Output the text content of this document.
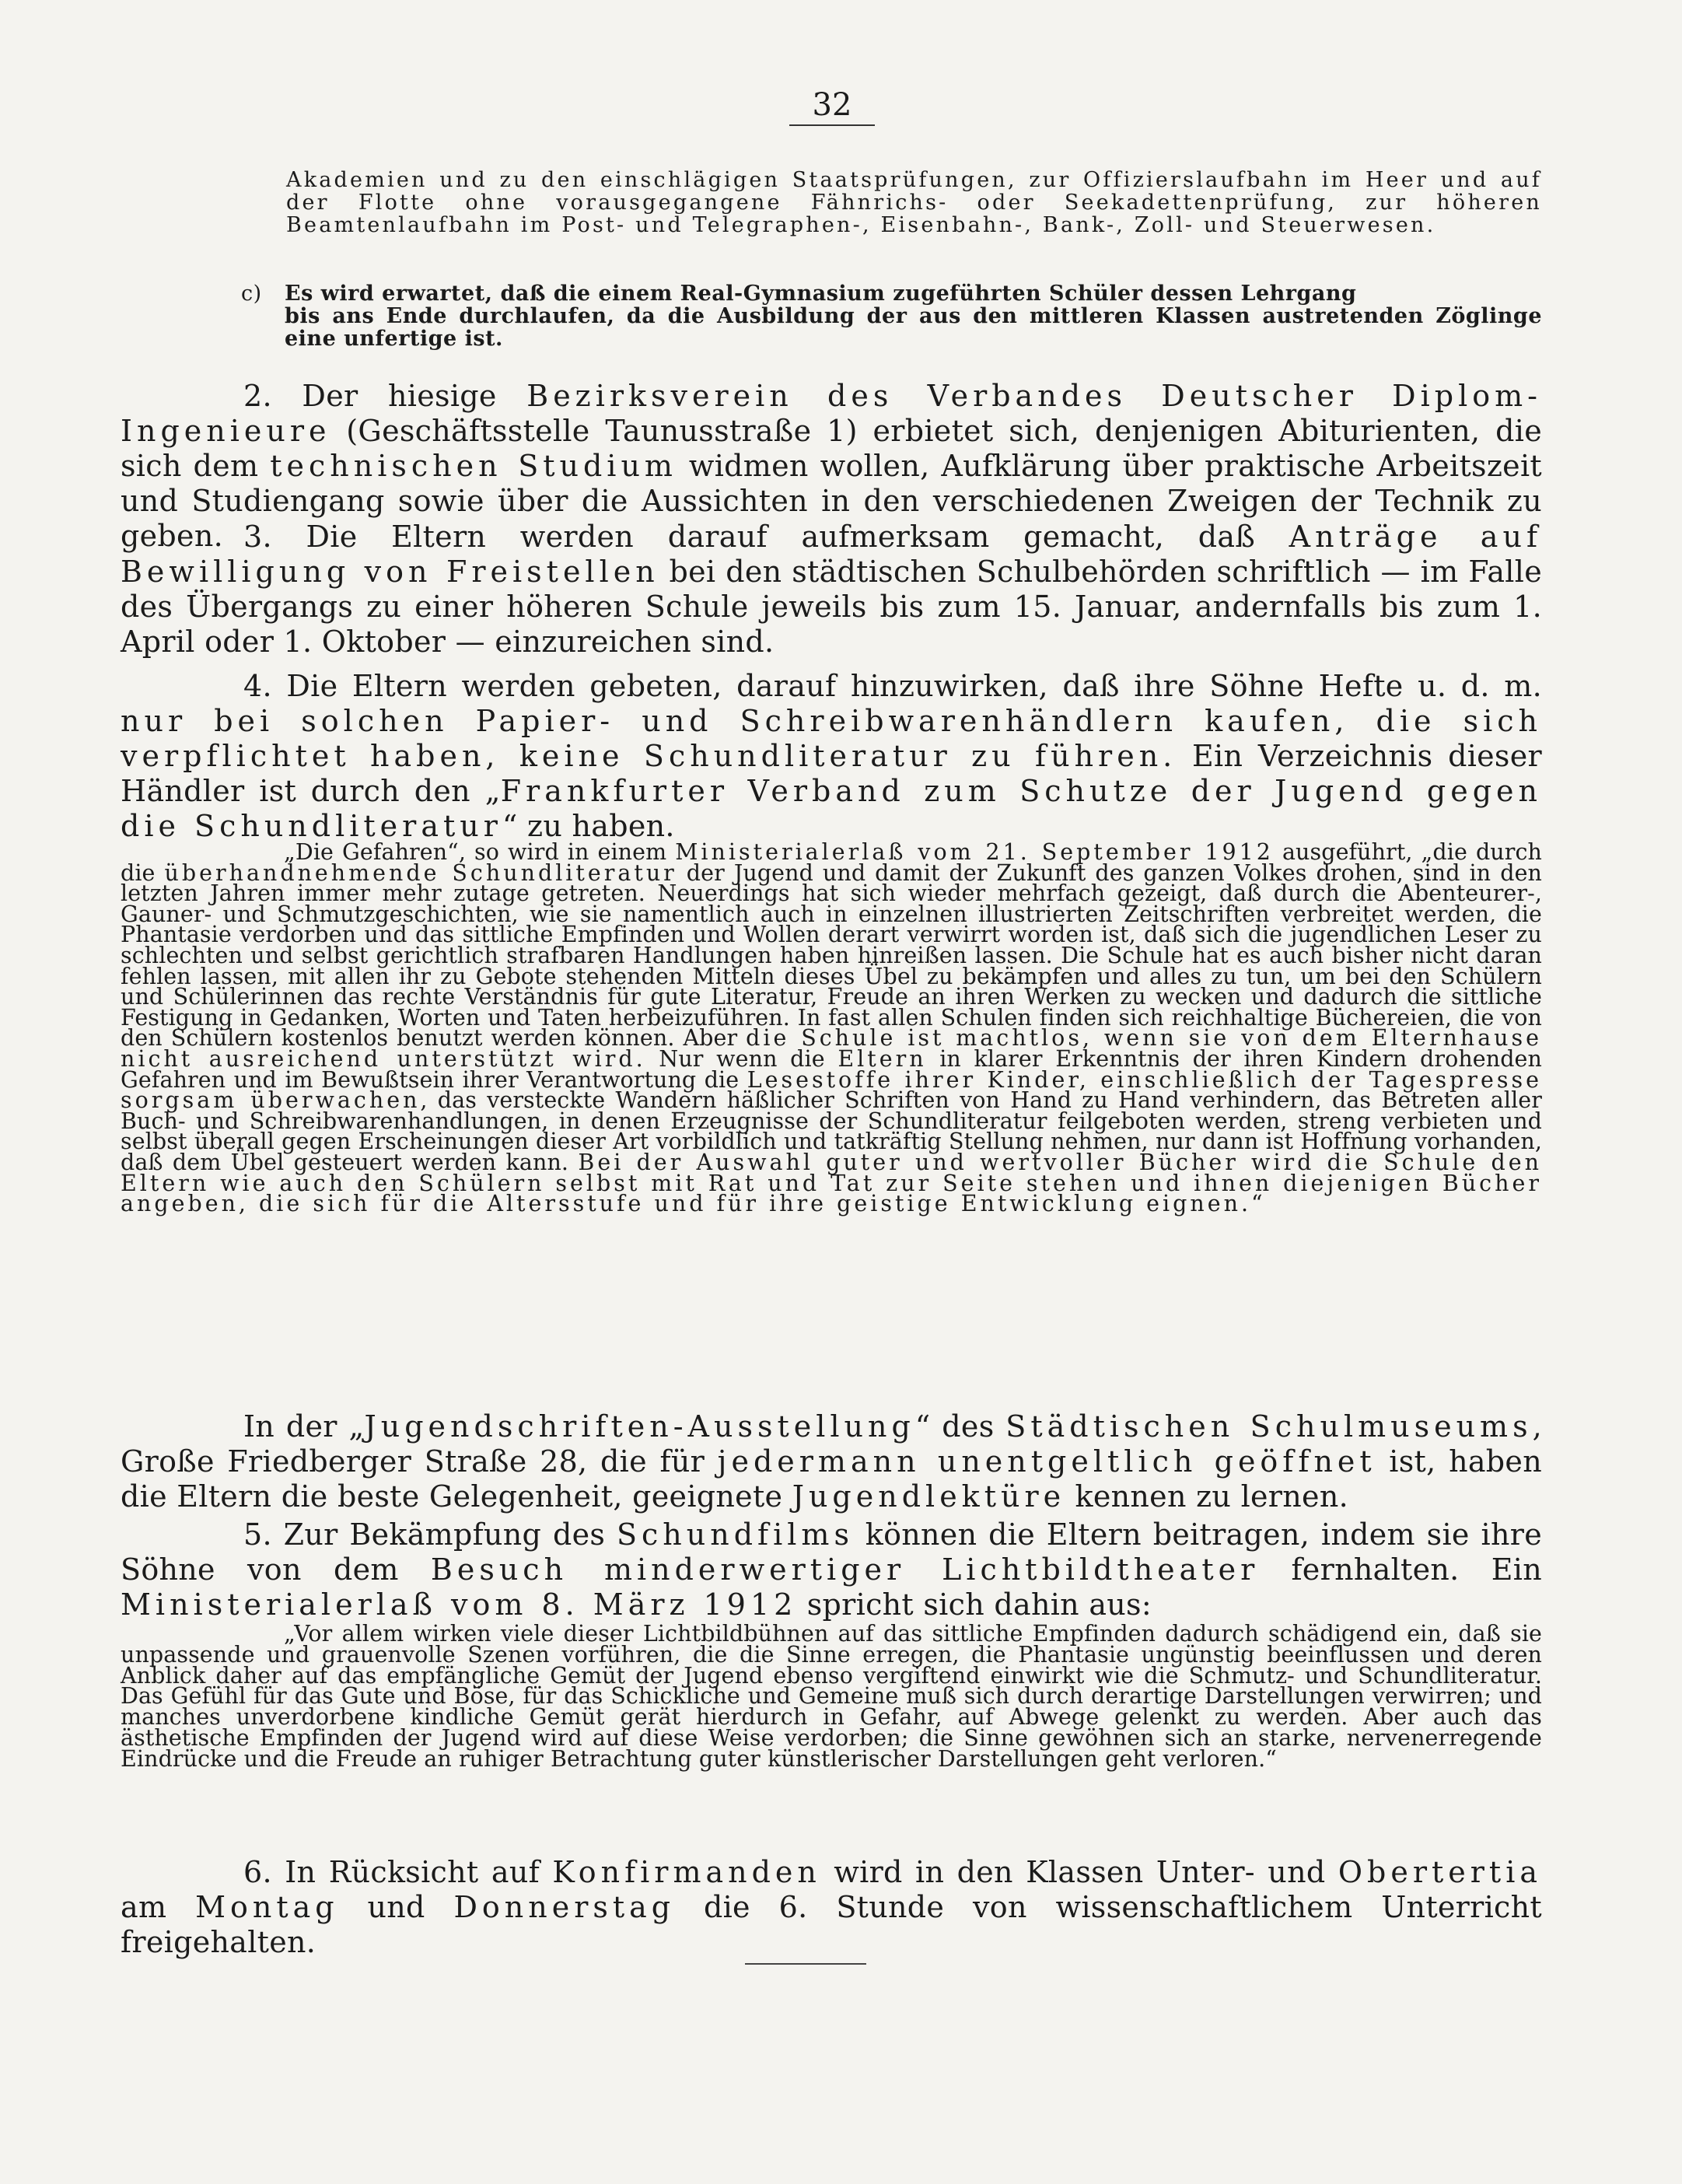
32

Akademien und zu den einschlägigen Staatsprüfungen, zur Offizierslaufbahn im Heer und auf der Flotte ohne vorausgegangene Fähnrichs- oder Seekadettenprüfung, zur höheren Beamtenlaufbahn im Post- und Telegraphen-, Eisenbahn-, Bank-, Zoll- und Steuerwesen.

c) Es wird erwartet, daß die einem Real-Gymnasium zugeführten Schüler dessen Lehrgang
bis ans Ende durchlaufen, da die Ausbildung der aus den mittleren Klassen austretenden Zöglinge eine unfertige ist.

2. Der hiesige Bezirksverein des Verbandes Deutscher Diplom-Ingenieure (Geschäftsstelle Taunusstraße 1) erbietet sich, denjenigen Abiturienten, die sich dem technischen Studium widmen wollen, Aufklärung über praktische Arbeitszeit und Studiengang sowie über die Aussichten in den verschiedenen Zweigen der Technik zu geben. 3. Die Eltern werden darauf aufmerksam gemacht, daß Anträge auf Bewilligung von Freistellen bei den städtischen Schulbehörden schriftlich — im Falle des Übergangs zu einer höheren Schule jeweils bis zum 15. Januar, andernfalls bis zum 1. April oder 1. Oktober — einzureichen sind.

4. Die Eltern werden gebeten, darauf hinzuwirken, daß ihre Söhne Hefte u. d. m. nur bei solchen Papier- und Schreibwarenhändlern kaufen, die sich verpflichtet haben, keine Schundliteratur zu führen. Ein Verzeichnis dieser Händler ist durch den „Frankfurter Verband zum Schutze der Jugend gegen die Schundliteratur“ zu haben.

„Die Gefahren“, so wird in einem Ministerialerlaß vom 21. September 1912 ausgeführt, „die durch die überhandnehmende Schundliteratur der Jugend und damit der Zukunft des ganzen Volkes drohen, sind in den letzten Jahren immer mehr zutage getreten. Neuerdings hat sich wieder mehrfach gezeigt, daß durch die Abenteurer-, Gauner- und Schmutzgeschichten, wie sie namentlich auch in einzelnen illustrierten Zeitschriften verbreitet werden, die Phantasie verdorben und das sittliche Empfinden und Wollen derart verwirrt worden ist, daß sich die jugendlichen Leser zu schlechten und selbst gerichtlich strafbaren Handlungen haben hinreißen lassen. Die Schule hat es auch bisher nicht daran fehlen lassen, mit allen ihr zu Gebote stehenden Mitteln dieses Übel zu bekämpfen und alles zu tun, um bei den Schülern und Schülerinnen das rechte Verständnis für gute Literatur, Freude an ihren Werken zu wecken und dadurch die sittliche Festigung in Gedanken, Worten und Taten herbeizuführen. In fast allen Schulen finden sich reichhaltige Büchereien, die von den Schülern kostenlos benutzt werden können. Aber die Schule ist machtlos, wenn sie von dem Elternhause nicht ausreichend unterstützt wird. Nur wenn die Eltern in klarer Erkenntnis der ihren Kindern drohenden Gefahren und im Bewußtsein ihrer Verantwortung die Lesestoffe ihrer Kinder, einschließlich der Tagespresse sorgsam überwachen, das versteckte Wandern häßlicher Schriften von Hand zu Hand verhindern, das Betreten aller Buch- und Schreibwarenhandlungen, in denen Erzeugnisse der Schundliteratur feilgeboten werden, streng verbieten und selbst überall gegen Erscheinungen dieser Art vorbildlich und tatkräftig Stellung nehmen, nur dann ist Hoffnung vorhanden, daß dem Übel gesteuert werden kann. Bei der Auswahl guter und wertvoller Bücher wird die Schule den Eltern wie auch den Schülern selbst mit Rat und Tat zur Seite stehen und ihnen diejenigen Bücher angeben, die sich für die Altersstufe und für ihre geistige Entwicklung eignen.“

In der „Jugendschriften-Ausstellung“ des Städtischen Schulmuseums, Große Friedberger Straße 28, die für jedermann unentgeltlich geöffnet ist, haben die Eltern die beste Gelegenheit, geeignete Jugendlektüre kennen zu lernen.

5. Zur Bekämpfung des Schundfilms können die Eltern beitragen, indem sie ihre Söhne von dem Besuch minderwertiger Lichtbildtheater fernhalten. Ein Ministerialerlaß vom 8. März 1912 spricht sich dahin aus:

„Vor allem wirken viele dieser Lichtbildbühnen auf das sittliche Empfinden dadurch schädigend ein, daß sie unpassende und grauenvolle Szenen vorführen, die die Sinne erregen, die Phantasie ungünstig beeinflussen und deren Anblick daher auf das empfängliche Gemüt der Jugend ebenso vergiftend einwirkt wie die Schmutz- und Schundliteratur. Das Gefühl für das Gute und Böse, für das Schickliche und Gemeine muß sich durch derartige Darstellungen verwirren; und manches unverdorbene kindliche Gemüt gerät hierdurch in Gefahr, auf Abwege gelenkt zu werden. Aber auch das ästhetische Empfinden der Jugend wird auf diese Weise verdorben; die Sinne gewöhnen sich an starke, nervenerregende Eindrücke und die Freude an ruhiger Betrachtung guter künstlerischer Darstellungen geht verloren.“

6. In Rücksicht auf Konfirmanden wird in den Klassen Unter- und Obertertia am Montag und Donnerstag die 6. Stunde von wissenschaftlichem Unterricht freigehalten.
